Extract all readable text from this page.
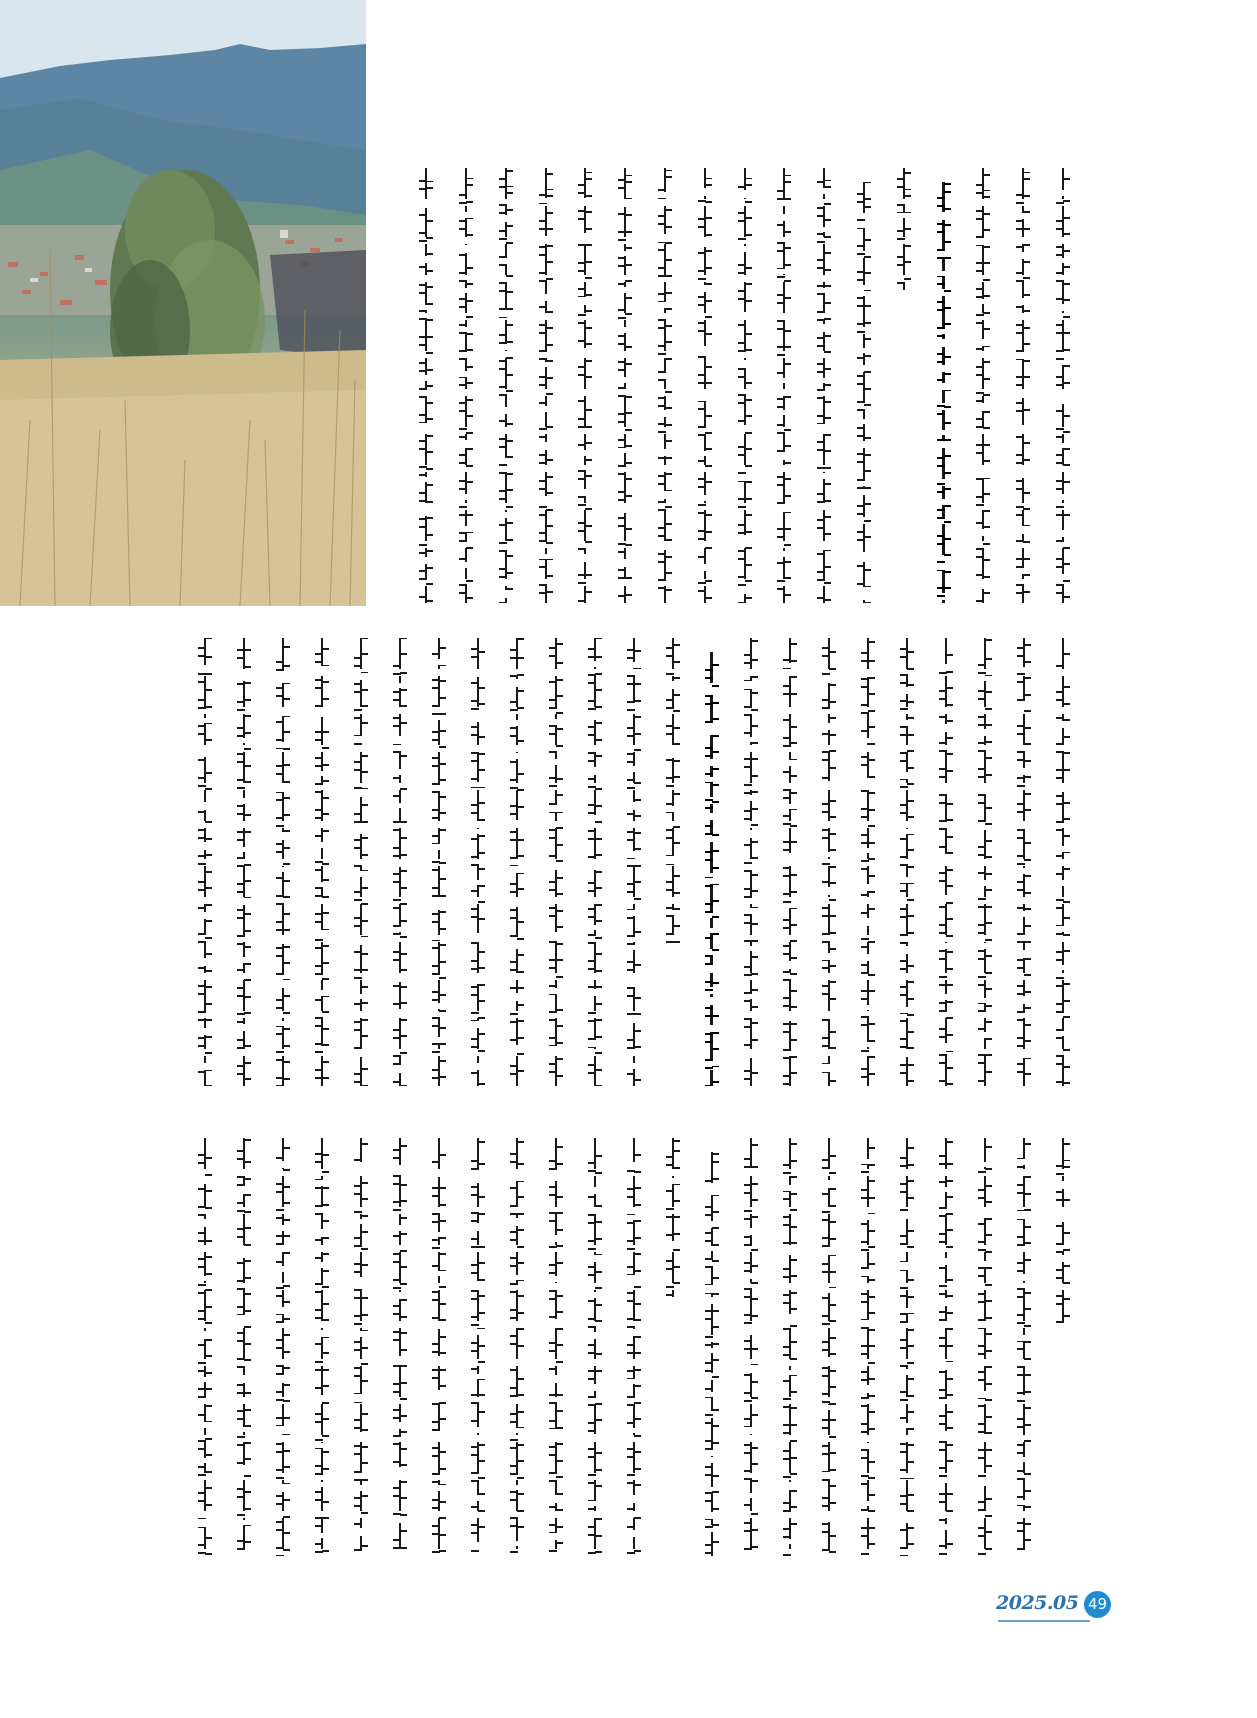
2025.05 49
